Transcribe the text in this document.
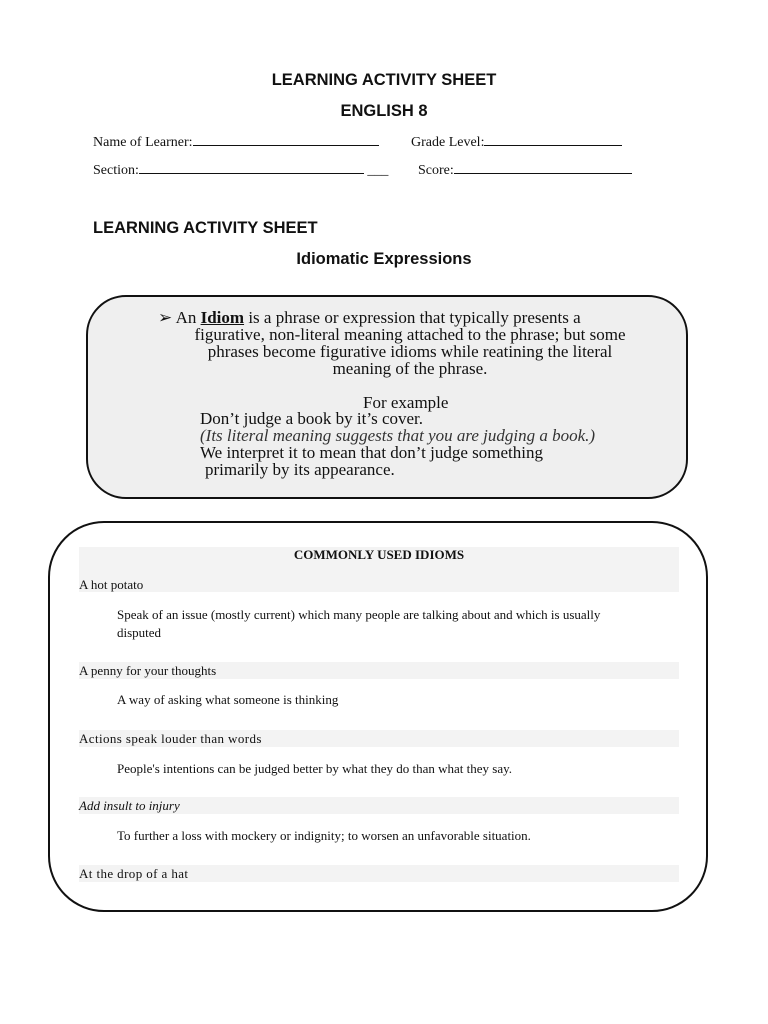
LEARNING ACTIVITY SHEET
ENGLISH 8
Name of Learner:	Grade Level:
Section:	___ Score:
LEARNING ACTIVITY SHEET
Idiomatic Expressions
➢ An Idiom is a phrase or expression that typically presents a
figurative, non-literal meaning attached to the phrase; but some
phrases become figurative idioms while reatining the literal
meaning of the phrase.
For example
Don’t judge a book by it’s cover.
(Its literal meaning suggests that you are judging a book.)
We interpret it to mean that don’t judge something
primarily by its appearance.
COMMONLY USED IDIOMS
A hot potato
Speak of an issue (mostly current) which many people are talking about and which is usually
disputed
A penny for your thoughts
A way of asking what someone is thinking
Actions speak louder than words
People's intentions can be judged better by what they do than what they say.
Add insult to injury
To further a loss with mockery or indignity; to worsen an unfavorable situation.
At the drop of a hat
